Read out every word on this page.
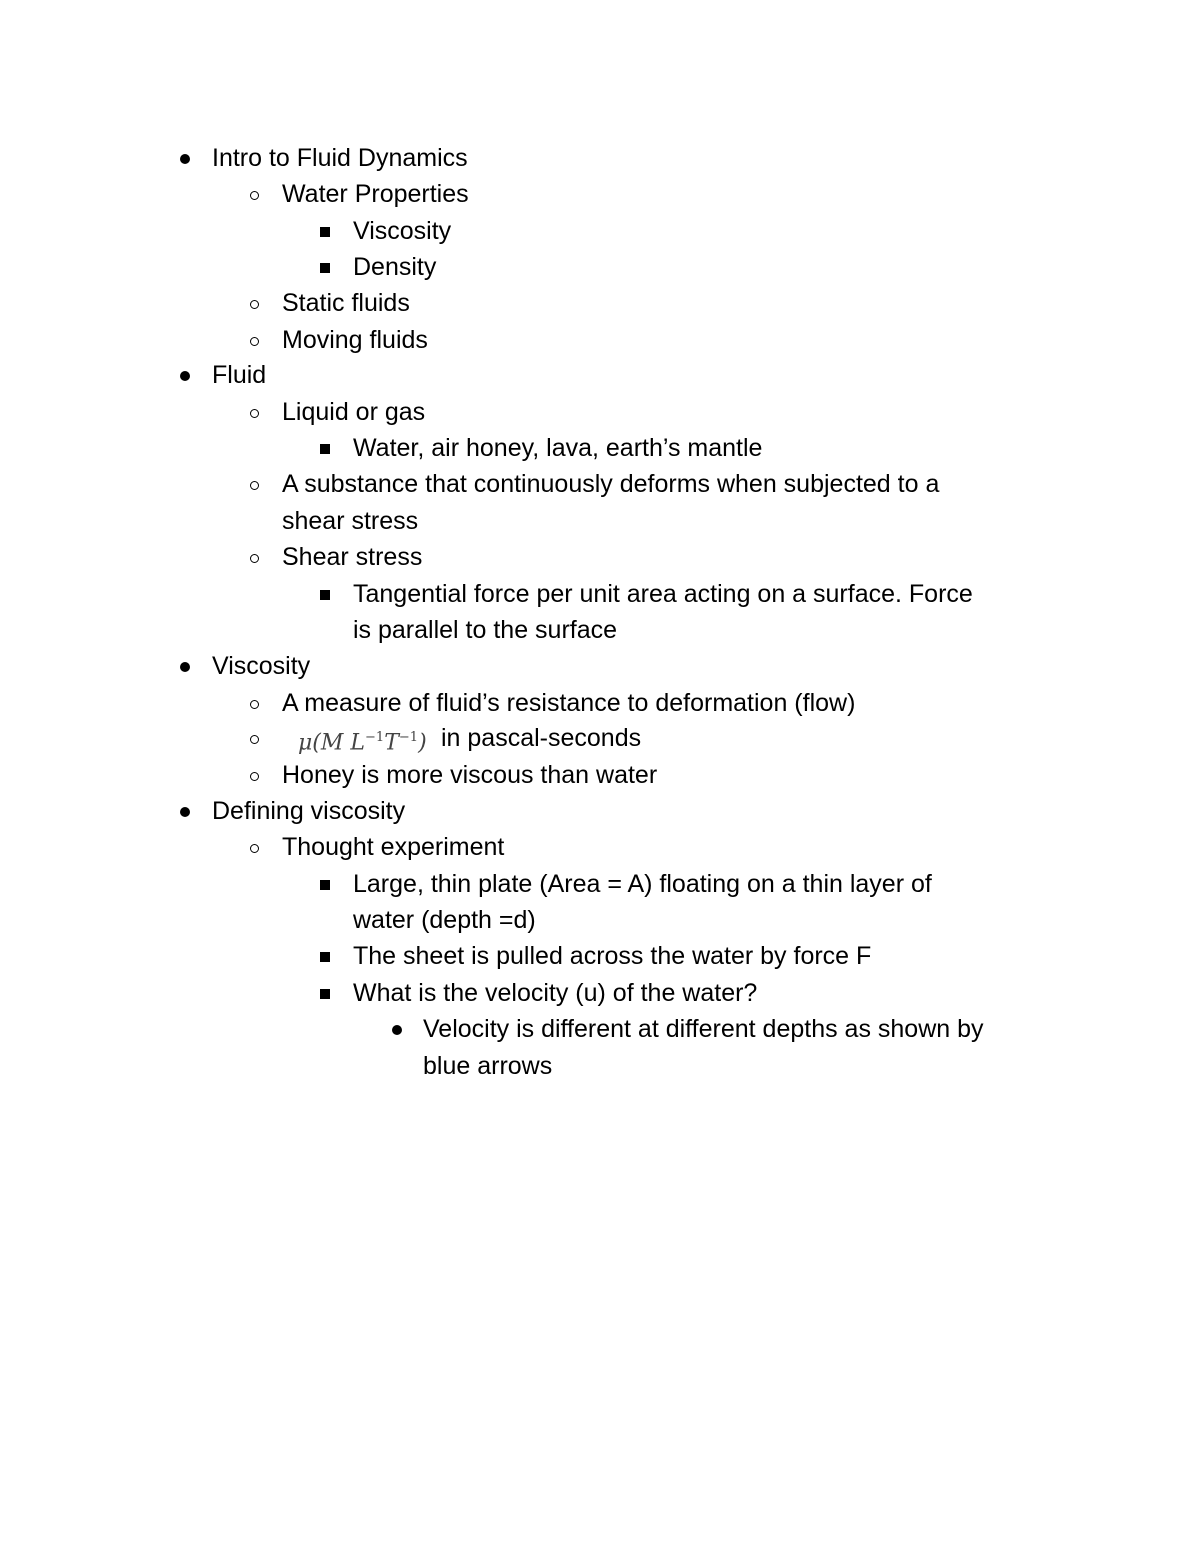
Intro to Fluid Dynamics
Water Properties
Viscosity
Density
Static fluids
Moving fluids
Fluid
Liquid or gas
Water, air honey, lava, earth’s mantle
A substance that continuously deforms when subjected to a
shear stress
Shear stress
Tangential force per unit area acting on a surface. Force
is parallel to the surface
Viscosity
A measure of fluid’s resistance to deformation (flow)
μ(M $L^{-1}T^{-1}$) in pascal-seconds
Honey is more viscous than water
Defining viscosity
Thought experiment
Large, thin plate (Area = A) floating on a thin layer of
water (depth =d)
The sheet is pulled across the water by force F
What is the velocity (u) of the water?
Velocity is different at different depths as shown by
blue arrows
